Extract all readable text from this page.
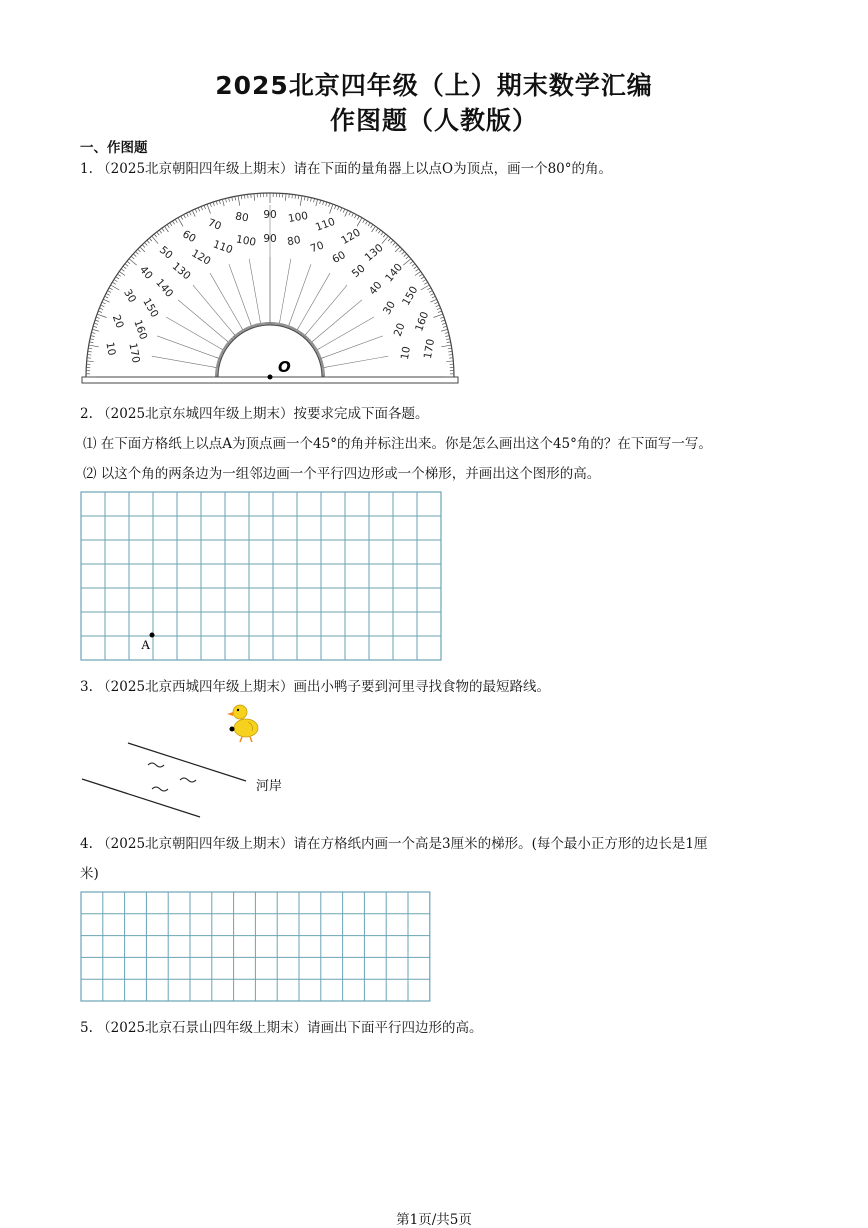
2025北京四年级（上）期末数学汇编
作图题（人教版）
一、作图题
1. （2025北京朝阳四年级上期末）请在下面的量角器上以点O为顶点，画一个80°的角。
10 170
20 160
30
150
40
140
50
130
60
120
70
110
80
100
90
90
100
80
110
70
120
60 130
50 140
40 150
30
160
20
170
10
O
2. （2025北京东城四年级上期末）按要求完成下面各题。
⑴ 在下面方格纸上以点A为顶点画一个45°的角并标注出来。你是怎么画出这个45°角的？在下面写一写。
⑵ 以这个角的两条边为一组邻边画一个平行四边形或一个梯形，并画出这个图形的高。
A
3. （2025北京西城四年级上期末）画出小鸭子要到河里寻找食物的最短路线。
河岸
4. （2025北京朝阳四年级上期末）请在方格纸内画一个高是3厘米的梯形。(每个最小正方形的边长是1厘
米)
5. （2025北京石景山四年级上期末）请画出下面平行四边形的高。
第1页/共5页
